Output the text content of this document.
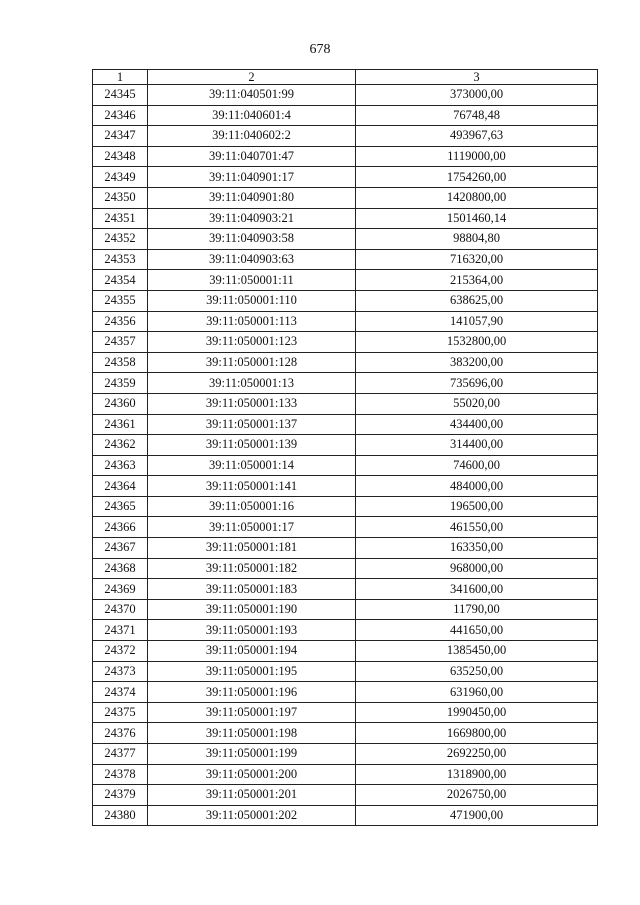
678
1	2	3
24345	39:11:040501:99	373000,00
24346	39:11:040601:4	76748,48
24347	39:11:040602:2	493967,63
24348	39:11:040701:47	1119000,00
24349	39:11:040901:17	1754260,00
24350	39:11:040901:80	1420800,00
24351	39:11:040903:21	1501460,14
24352	39:11:040903:58	98804,80
24353	39:11:040903:63	716320,00
24354	39:11:050001:11	215364,00
24355	39:11:050001:110	638625,00
24356	39:11:050001:113	141057,90
24357	39:11:050001:123	1532800,00
24358	39:11:050001:128	383200,00
24359	39:11:050001:13	735696,00
24360	39:11:050001:133	55020,00
24361	39:11:050001:137	434400,00
24362	39:11:050001:139	314400,00
24363	39:11:050001:14	74600,00
24364	39:11:050001:141	484000,00
24365	39:11:050001:16	196500,00
24366	39:11:050001:17	461550,00
24367	39:11:050001:181	163350,00
24368	39:11:050001:182	968000,00
24369	39:11:050001:183	341600,00
24370	39:11:050001:190	11790,00
24371	39:11:050001:193	441650,00
24372	39:11:050001:194	1385450,00
24373	39:11:050001:195	635250,00
24374	39:11:050001:196	631960,00
24375	39:11:050001:197	1990450,00
24376	39:11:050001:198	1669800,00
24377	39:11:050001:199	2692250,00
24378	39:11:050001:200	1318900,00
24379	39:11:050001:201	2026750,00
24380	39:11:050001:202	471900,00
